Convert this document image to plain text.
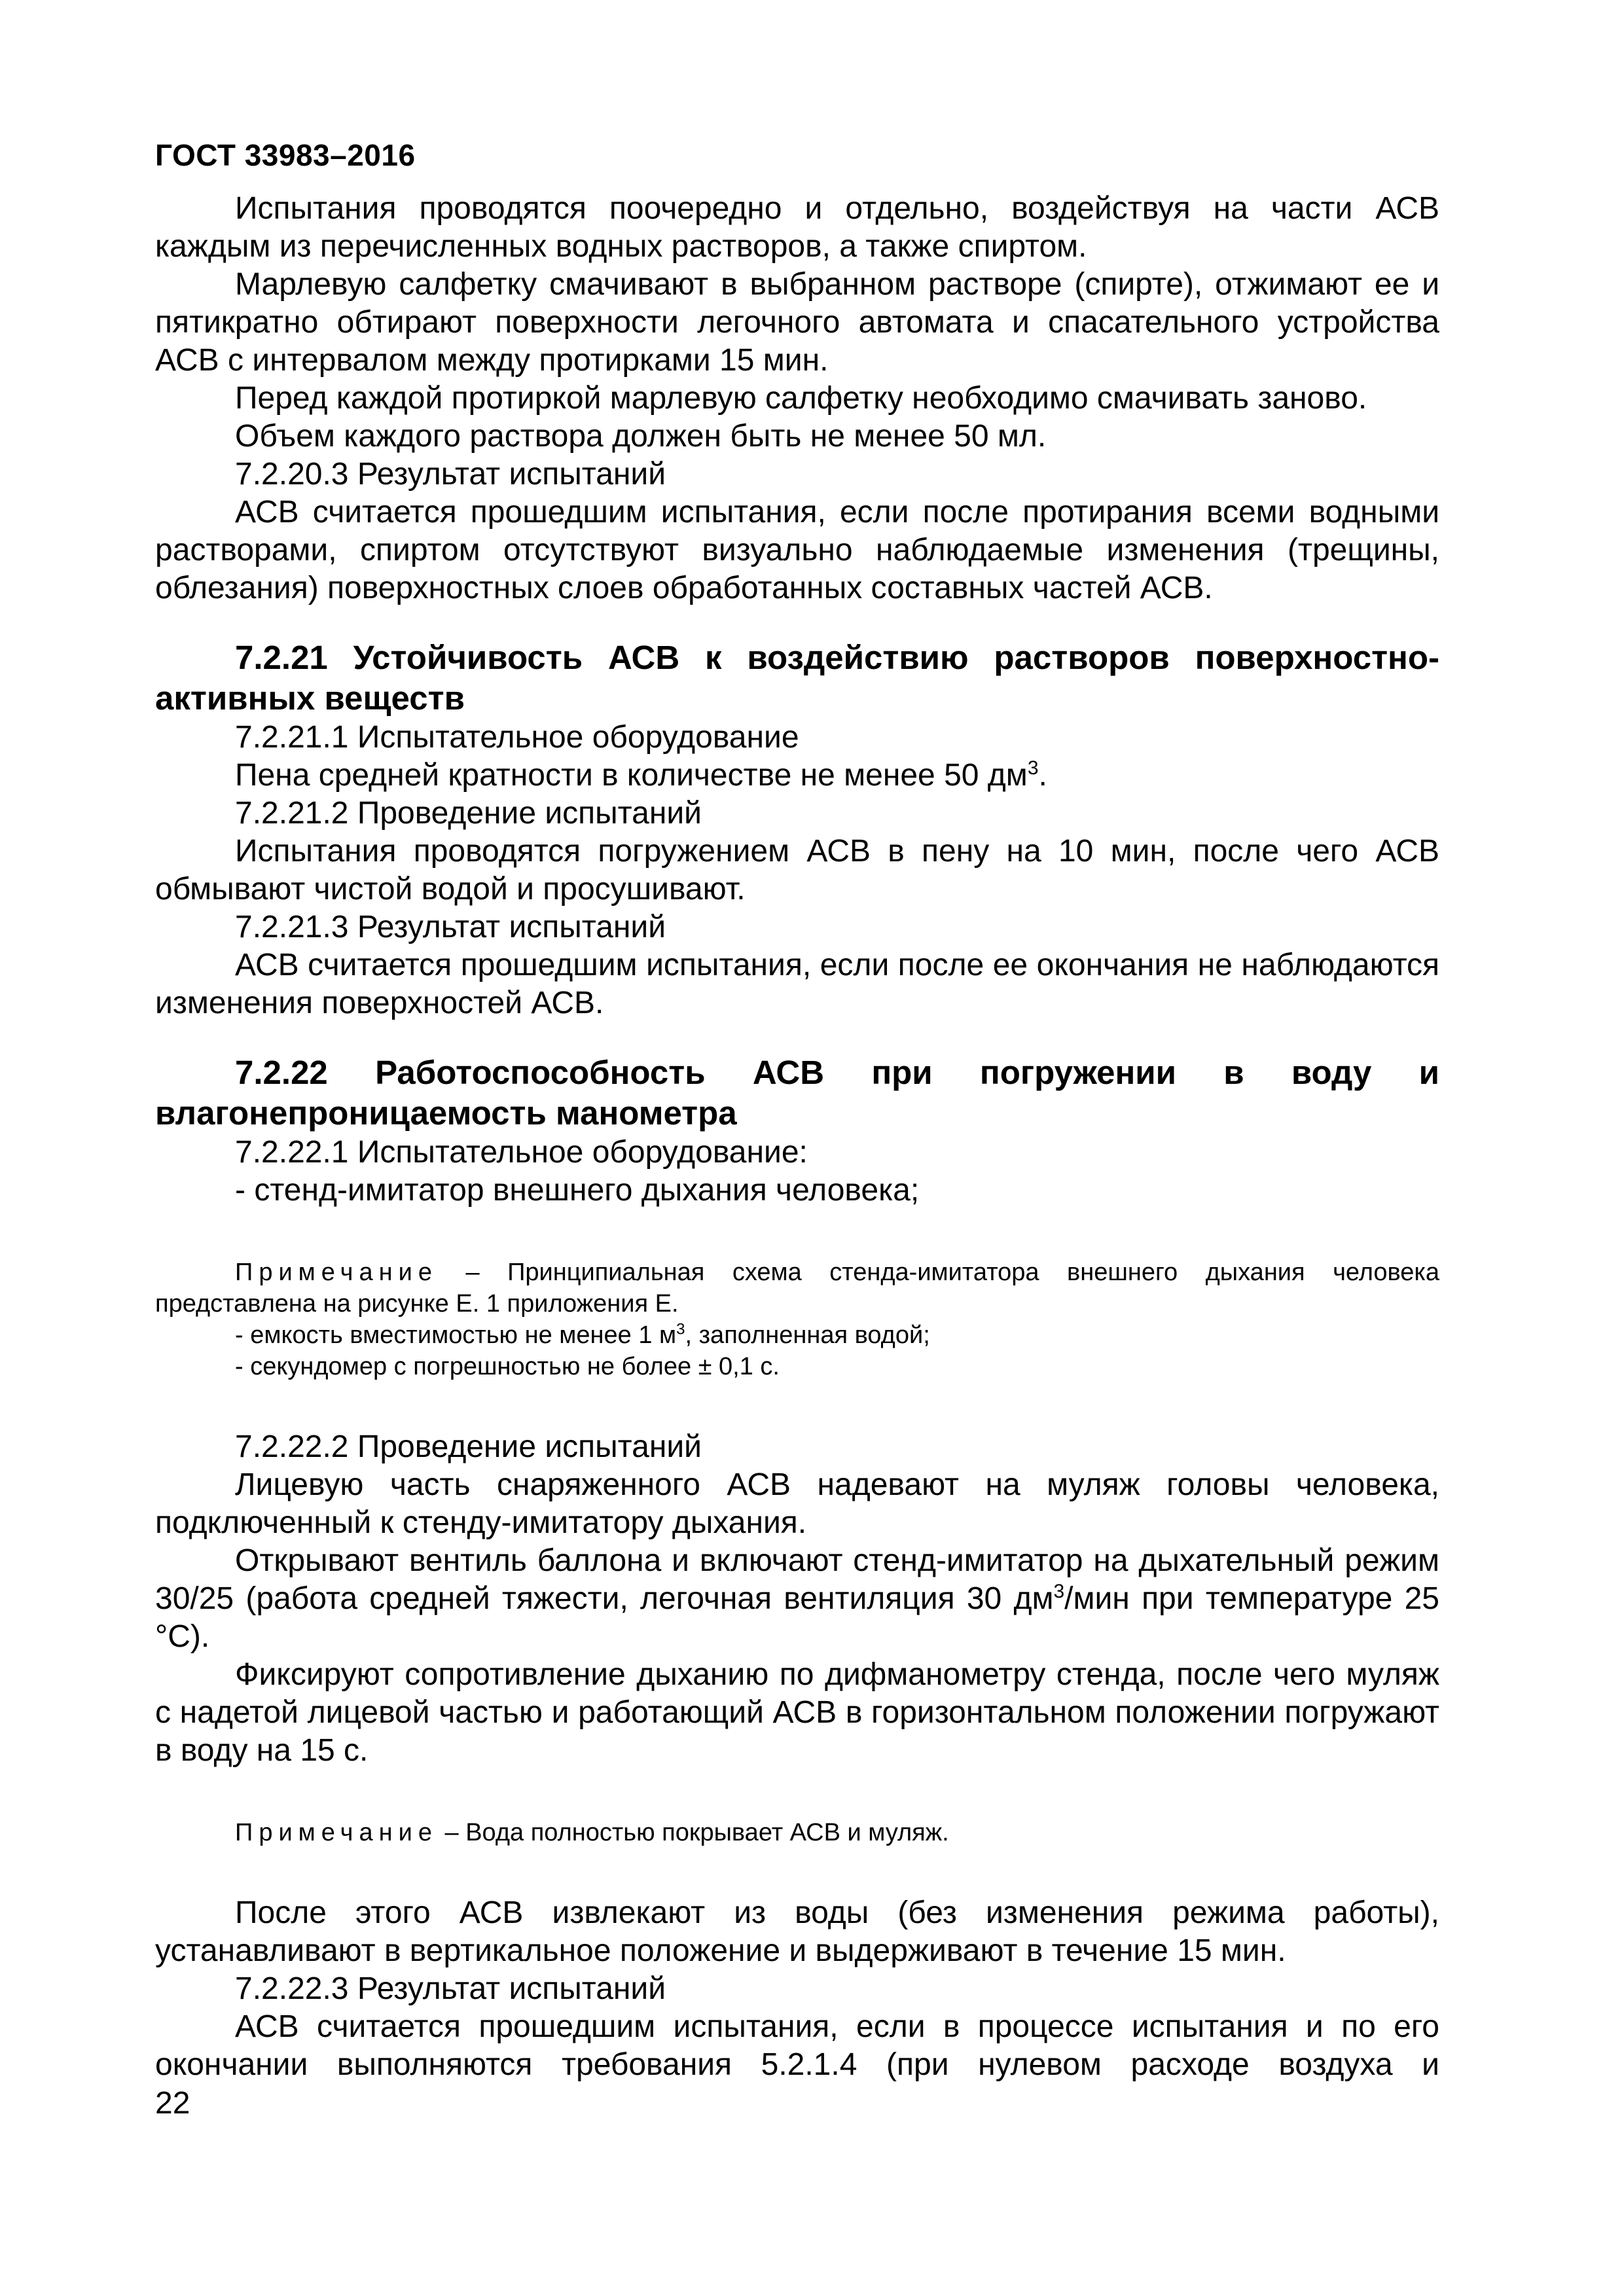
ГОСТ 33983–2016

Испытания проводятся поочередно и отдельно, воздействуя на части АСВ каждым из перечисленных водных растворов, а также спиртом.

Марлевую салфетку смачивают в выбранном растворе (спирте), отжимают ее и пятикратно обтирают поверхности легочного автомата и спасательного устройства АСВ с интервалом между протирками 15 мин.

Перед каждой протиркой марлевую салфетку необходимо смачивать заново.

Объем каждого раствора должен быть не менее 50 мл.

7.2.20.3 Результат испытаний

АСВ считается прошедшим испытания, если после протирания всеми водными растворами, спиртом отсутствуют визуально наблюдаемые изменения (трещины, облезания) поверхностных слоев обработанных составных частей АСВ.

7.2.21 Устойчивость АСВ к воздействию растворов поверхностно-активных веществ

7.2.21.1 Испытательное оборудование

Пена средней кратности в количестве не менее 50 $дм^3$.

7.2.21.2 Проведение испытаний

Испытания проводятся погружением АСВ в пену на 10 мин, после чего АСВ обмывают чистой водой и просушивают.

7.2.21.3 Результат испытаний

АСВ считается прошедшим испытания, если после ее окончания не наблюдаются изменения поверхностей АСВ.

7.2.22 Работоспособность АСВ при погружении в воду и

влагонепроницаемость манометра

7.2.22.1 Испытательное оборудование:

- стенд-имитатор внешнего дыхания человека;

Примечание – Принципиальная схема стенда-имитатора внешнего дыхания человека представлена на рисунке Е. 1 приложения Е.

- емкость вместимостью не менее 1 $м^3$, заполненная водой;

- секундомер с погрешностью не более ± 0,1 с.

7.2.22.2 Проведение испытаний

Лицевую часть снаряженного АСВ надевают на муляж головы человека, подключенный к стенду-имитатору дыхания.

Открывают вентиль баллона и включают стенд-имитатор на дыхательный режим 30/25 (работа средней тяжести, легочная вентиляция 30 $дм^3$/мин при температуре 25 °С).

Фиксируют сопротивление дыханию по дифманометру стенда, после чего муляж с надетой лицевой частью и работающий АСВ в горизонтальном положении погружают в воду на 15 с.

Примечание – Вода полностью покрывает АСВ и муляж.

После этого АСВ извлекают из воды (без изменения режима работы), устанавливают в вертикальное положение и выдерживают в течение 15 мин.

7.2.22.3 Результат испытаний

АСВ считается прошедшим испытания, если в процессе испытания и по его окончании выполняются требования 5.2.1.4 (при нулевом расходе воздуха и

22
